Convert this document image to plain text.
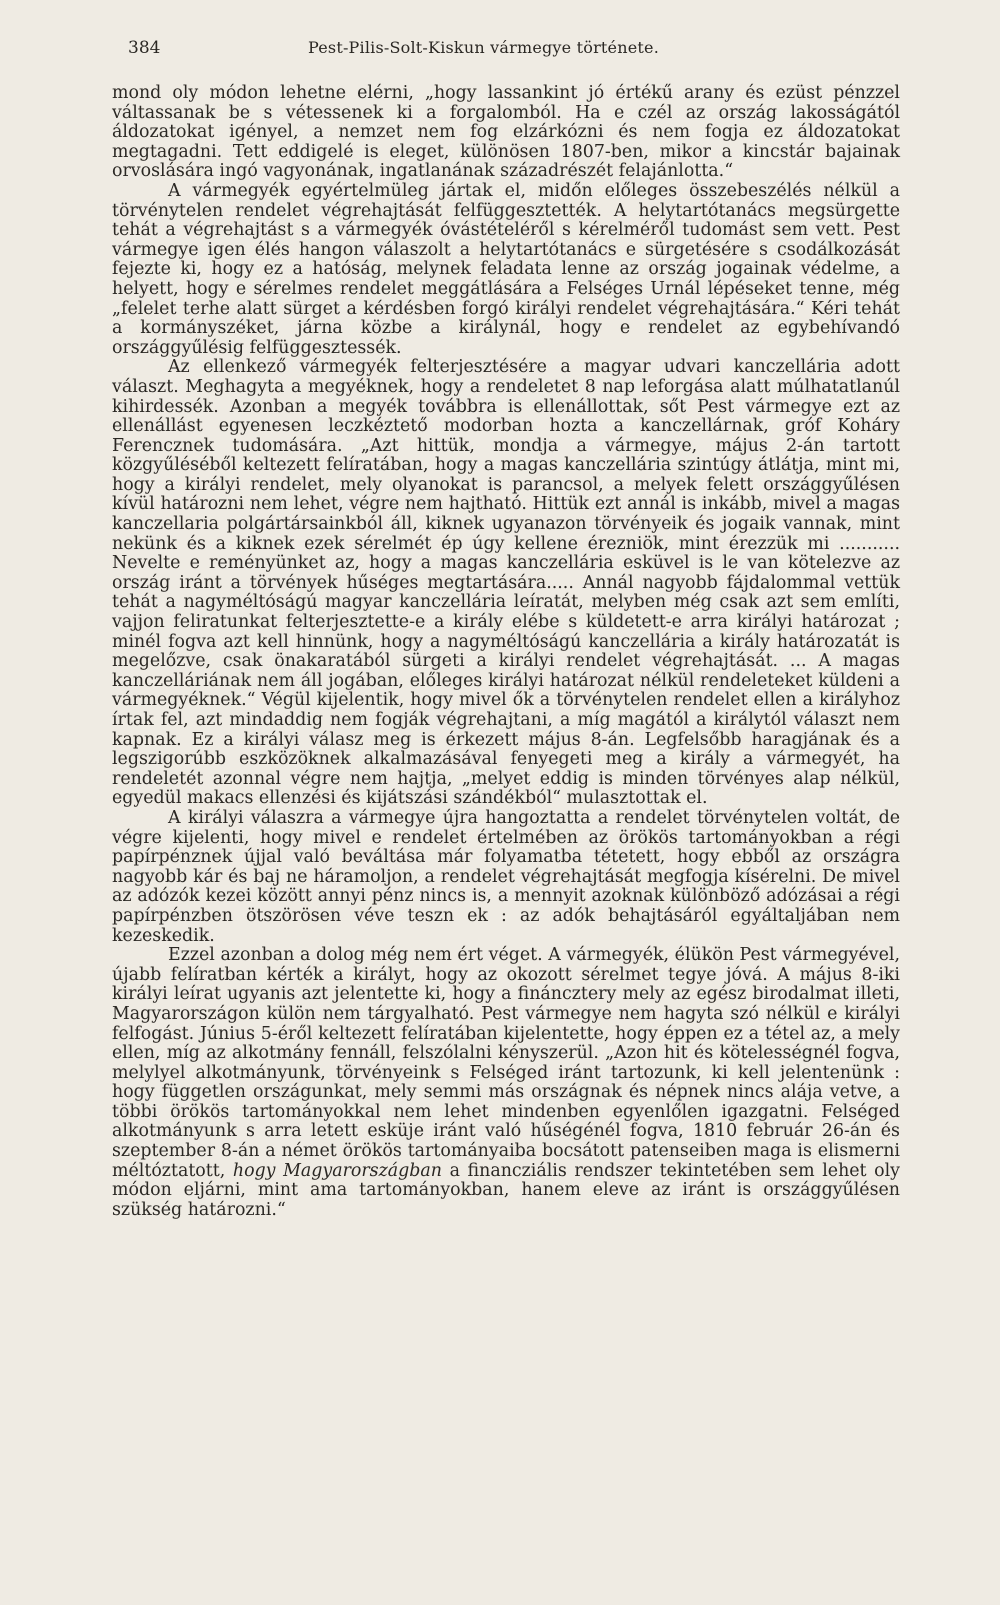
384	Pest-Pilis-Solt-Kiskun vármegye története.

mond oly módon lehetne elérni, „hogy lassankint jó értékű arany és ezüst pénzzel váltassanak be s vétessenek ki a forgalomból. Ha e czél az ország lakosságától áldozatokat igényel, a nemzet nem fog elzárkózni és nem fogja ez áldozatokat megtagadni. Tett eddigelé is eleget, különösen 1807-ben, mikor a kincstár bajainak orvoslására ingó vagyonának, ingatlanának századrészét felajánlotta.“

A vármegyék egyértelmüleg jártak el, midőn előleges összebeszélés nélkül a törvénytelen rendelet végrehajtását felfüggesztették. A helytartótanács megsürgette tehát a végrehajtást s a vármegyék óvástételéről s kérelméről tudomást sem vett. Pest vármegye igen élés hangon válaszolt a helytartótanács e sürgetésére s csodálkozását fejezte ki, hogy ez a hatóság, melynek feladata lenne az ország jogainak védelme, a helyett, hogy e sérelmes rendelet meggátlására a Felséges Urnál lépéseket tenne, még „felelet terhe alatt sürget a kérdésben forgó királyi rendelet végrehajtására.“ Kéri tehát a kormányszéket, járna közbe a királynál, hogy e rendelet az egybehívandó országgyűlésig felfüggesztessék.

Az ellenkező vármegyék felterjesztésére a magyar udvari kanczellária adott választ. Meghagyta a megyéknek, hogy a rendeletet 8 nap leforgása alatt múlhatatlanúl kihirdessék. Azonban a megyék továbbra is ellenállottak, sőt Pest vármegye ezt az ellenállást egyenesen leczkéztető modorban hozta a kanczellárnak, gróf Koháry Ferencznek tudomására. „Azt hittük, mondja a vármegye, május 2-án tartott közgyűléséből keltezett felíratában, hogy a magas kanczellária szintúgy átlátja, mint mi, hogy a királyi rendelet, mely olyanokat is parancsol, a melyek felett országgyűlésen kívül határozni nem lehet, végre nem hajtható. Hittük ezt annál is inkább, mivel a magas kanczellaria polgártársainkból áll, kiknek ugyanazon törvényeik és jogaik vannak, mint nekünk és a kiknek ezek sérelmét ép úgy kellene érezniök, mint érezzük mi ........... Nevelte e reményünket az, hogy a magas kanczellária esküvel is le van kötelezve az ország iránt a törvények hűséges megtartására..... Annál nagyobb fájdalommal vettük tehát a nagyméltóságú magyar kanczellária leíratát, melyben még csak azt sem említi, vajjon feliratunkat felterjesztette-e a király elébe s küldetett-e arra királyi határozat ; minél fogva azt kell hinnünk, hogy a nagyméltóságú kanczellária a király határozatát is megelőzve, csak önakaratából sürgeti a királyi rendelet végrehajtását. ... A magas kanczelláriának nem áll jogában, előleges királyi határozat nélkül rendeleteket küldeni a vármegyéknek.“ Végül kijelentik, hogy mivel ők a törvénytelen rendelet ellen a királyhoz írtak fel, azt mindaddig nem fogják végrehajtani, a míg magától a királytól választ nem kapnak. Ez a királyi válasz meg is érkezett május 8-án. Legfelsőbb haragjának és a legszigorúbb eszközöknek alkalmazásával fenyegeti meg a király a vármegyét, ha rendeletét azonnal végre nem hajtja, „melyet eddig is minden törvényes alap nélkül, egyedül makacs ellenzési és kijátszási szándékból“ mulasztottak el.

A királyi válaszra a vármegye újra hangoztatta a rendelet törvénytelen voltát, de végre kijelenti, hogy mivel e rendelet értelmében az örökös tartományokban a régi papírpénznek újjal való beváltása már folyamatba tétetett, hogy ebből az országra nagyobb kár és baj ne háramoljon, a rendelet végrehajtását megfogja kísérelni. De mivel az adózók kezei között annyi pénz nincs is, a mennyit azoknak különböző adózásai a régi papírpénzben ötszörösen véve teszn ek : az adók behajtásáról egyáltaljában nem kezeskedik.

Ezzel azonban a dolog még nem ért véget. A vármegyék, élükön Pest vármegyével, újabb felíratban kérték a királyt, hogy az okozott sérelmet tegye jóvá. A május 8-iki királyi leírat ugyanis azt jelentette ki, hogy a fináncztery mely az egész birodalmat illeti, Magyarországon külön nem tárgyalható. Pest vármegye nem hagyta szó nélkül e királyi felfogást. Június 5-éről keltezett felíratában kijelentette, hogy éppen ez a tétel az, a mely ellen, míg az alkotmány fennáll, felszólalni kényszerül. „Azon hit és kötelességnél fogva, melylyel alkotmányunk, törvényeink s Felséged iránt tartozunk, ki kell jelentenünk : hogy független országunkat, mely semmi más országnak és népnek nincs alája vetve, a többi örökös tartományokkal nem lehet mindenben egyenlőlen igazgatni. Felséged alkotmányunk s arra letett esküje iránt való hűségénél fogva, 1810 február 26-án és szeptember 8-án a német örökös tartományaiba bocsátott patenseiben maga is elismerni méltóztatott, hogy Magyarországban a financziális rendszer tekintetében sem lehet oly módon eljárni, mint ama tartományokban, hanem eleve az iránt is országgyűlésen szükség határozni.“
